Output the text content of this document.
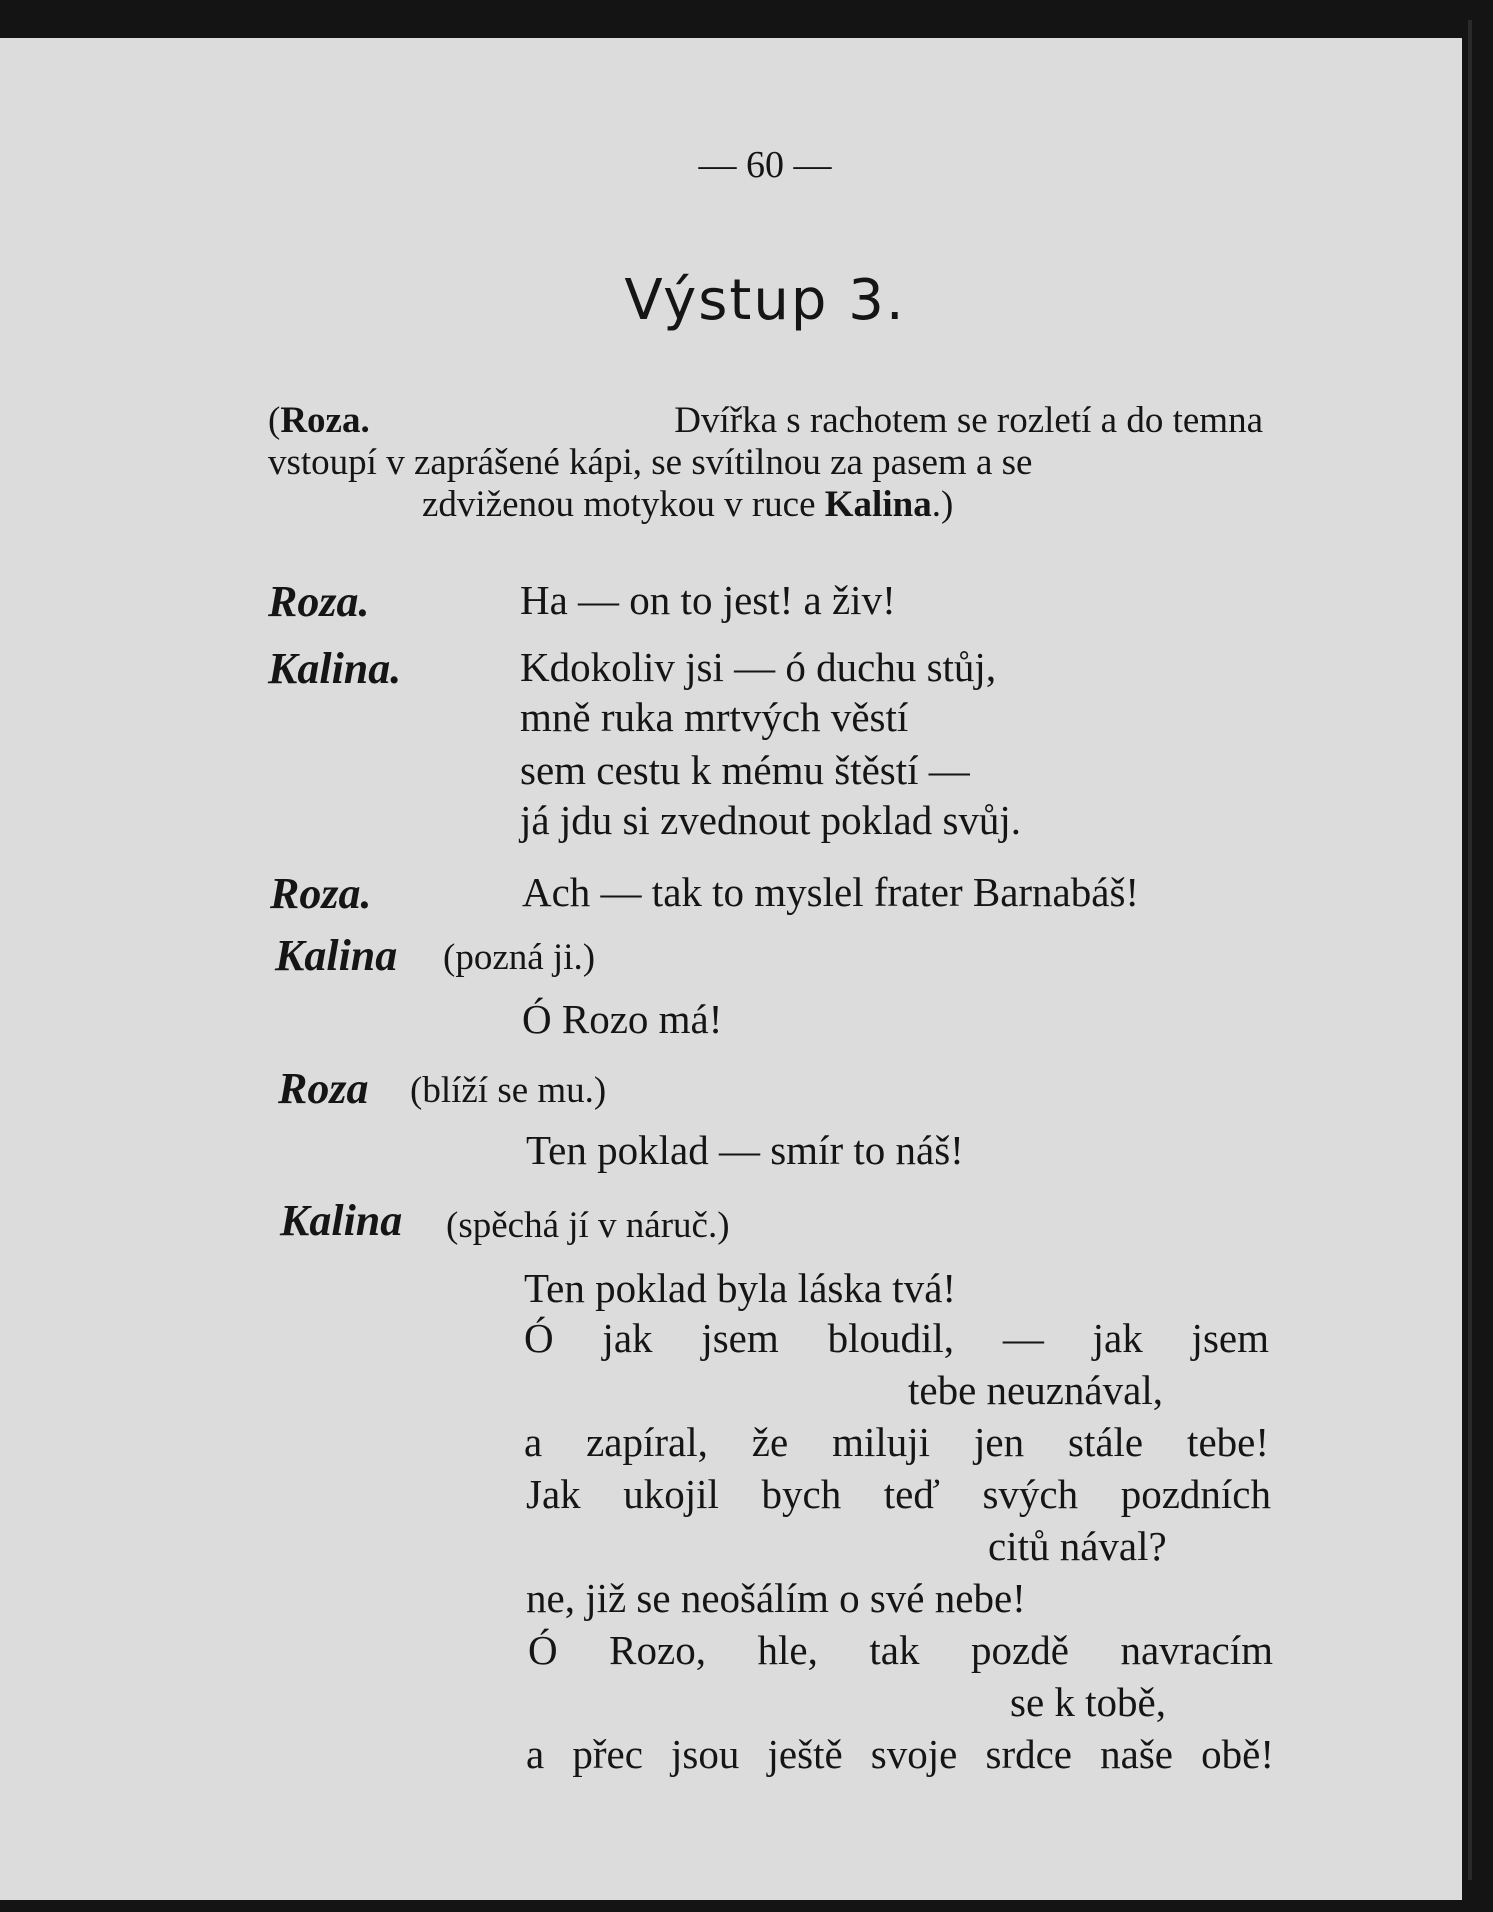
— 60 —
Výstup 3.
(Roza.	Dvířka s rachotem se rozletí a do temna
vstoupí v zaprášené kápi, se svítilnou za pasem a se
zdviženou motykou v ruce Kalina.)
Roza.	Ha — on to jest! a živ!
Kalina.	Kdokoliv jsi — ó duchu stůj,
mně ruka mrtvých věstí
sem cestu k mému štěstí —
já jdu si zvednout poklad svůj.
Roza.	Ach — tak to myslel frater Barnabáš!
Kalina (pozná ji.)
Ó Rozo má!
Roza (blíží se mu.)
Ten poklad — smír to náš!
Kalina (spěchá jí v náruč.)
Ten poklad byla láska tvá!
Ó jak jsem bloudil, — jak jsem
tebe neuznával,
a zapíral, že miluji jen stále tebe!
Jak ukojil bych teď svých pozdních
citů nával?
ne, již se neošálím o své nebe!
Ó Rozo, hle, tak pozdě navracím
se k tobě,
a přec jsou ještě svoje srdce naše obě!
